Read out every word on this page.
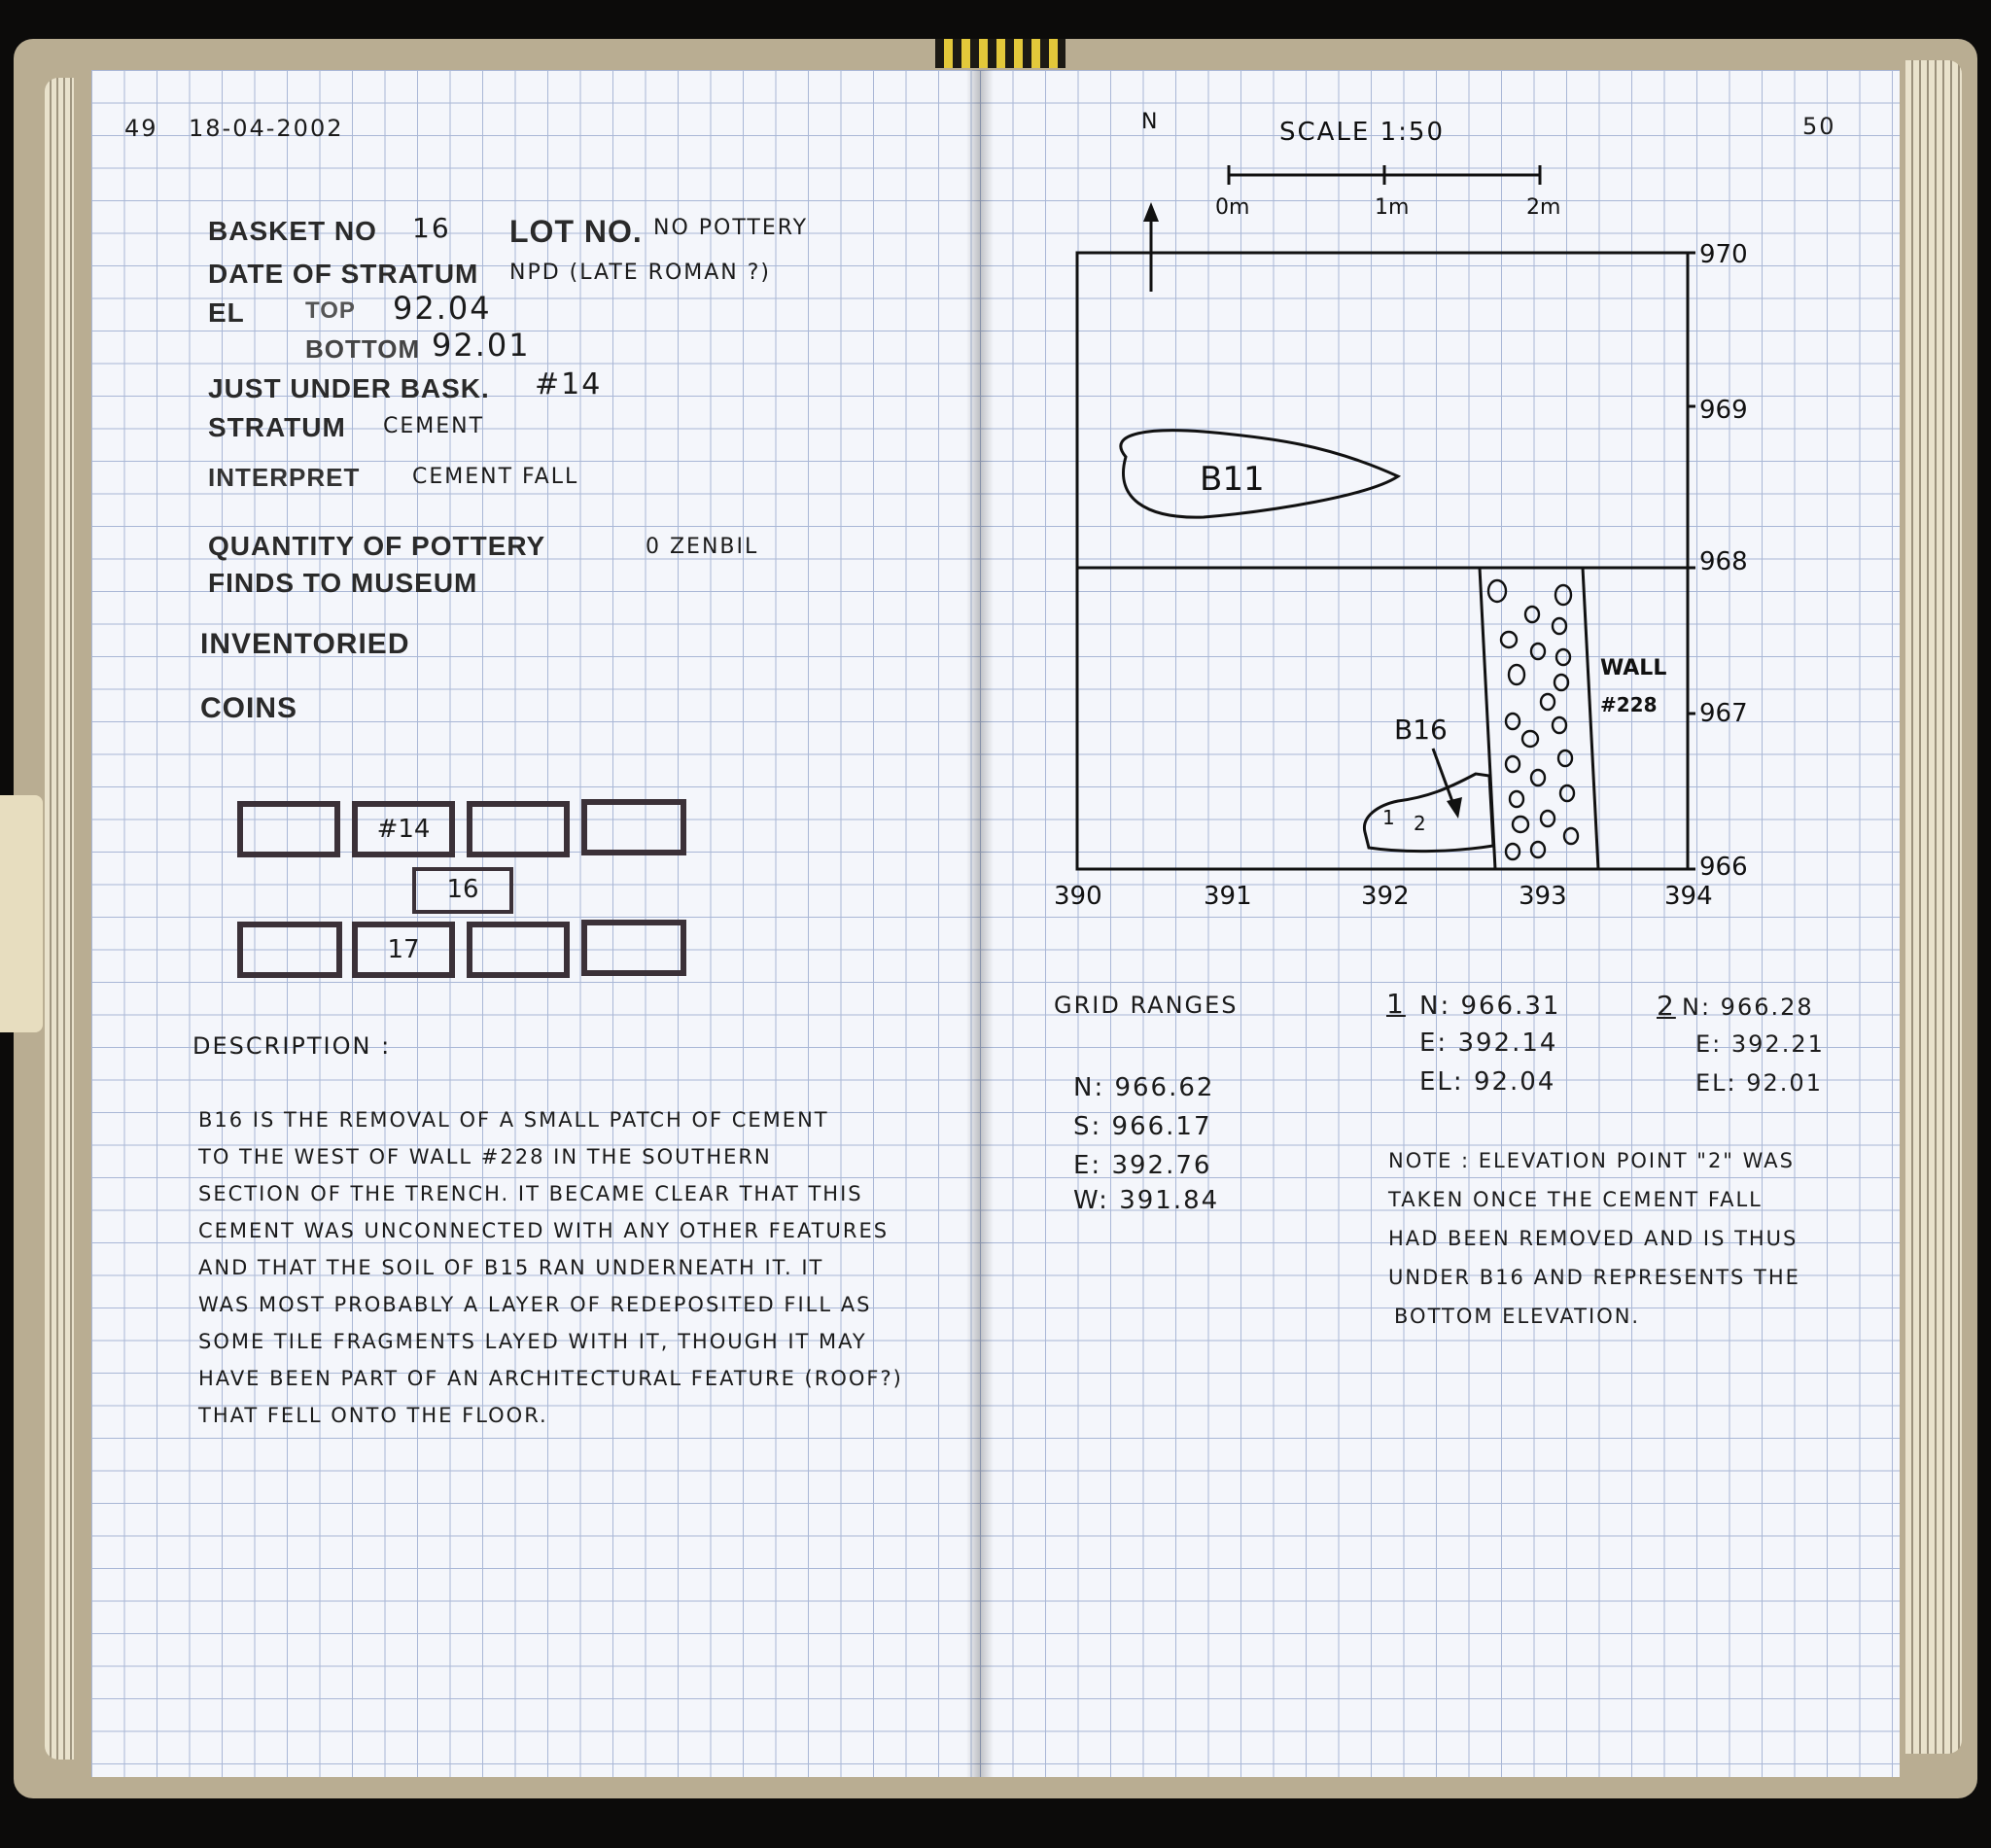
49 18-04-2002
BASKET NO 16 LOT NO. NO POTTERY
DATE OF STRATUM NPD (LATE ROMAN ?)
EL	TOP 92.04
BOTTOM 92.01
JUST UNDER BASK. #14
STRATUM CEMENT
INTERPRET CEMENT FALL
QUANTITY OF POTTERY	0 ZENBIL
FINDS TO MUSEUM
INVENTORIED
COINS
#14
16
17
DESCRIPTION :
B16 IS THE REMOVAL OF A SMALL PATCH OF CEMENT
TO THE WEST OF WALL #228 IN THE SOUTHERN
SECTION OF THE TRENCH. IT BECAME CLEAR THAT THIS
CEMENT WAS UNCONNECTED WITH ANY OTHER FEATURES
AND THAT THE SOIL OF B15 RAN UNDERNEATH IT. IT
WAS MOST PROBABLY A LAYER OF REDEPOSITED FILL AS
SOME TILE FRAGMENTS LAYED WITH IT, THOUGH IT MAY
HAVE BEEN PART OF AN ARCHITECTURAL FEATURE (ROOF?)
THAT FELL ONTO THE FLOOR.
50
N	SCALE 1:50
0m	1m	2m
B11
WALL
#228
B16
1 2
970
969
968
967
966
390	391	392	393	394
GRID RANGES
N: 966.62
S: 966.17
E: 392.76
W: 391.84
1 N: 966.31
E: 392.14
EL: 92.04
2 N: 966.28
E: 392.21
EL: 92.01
NOTE : ELEVATION POINT "2" WAS
TAKEN ONCE THE CEMENT FALL
HAD BEEN REMOVED AND IS THUS
UNDER B16 AND REPRESENTS THE
BOTTOM ELEVATION.
